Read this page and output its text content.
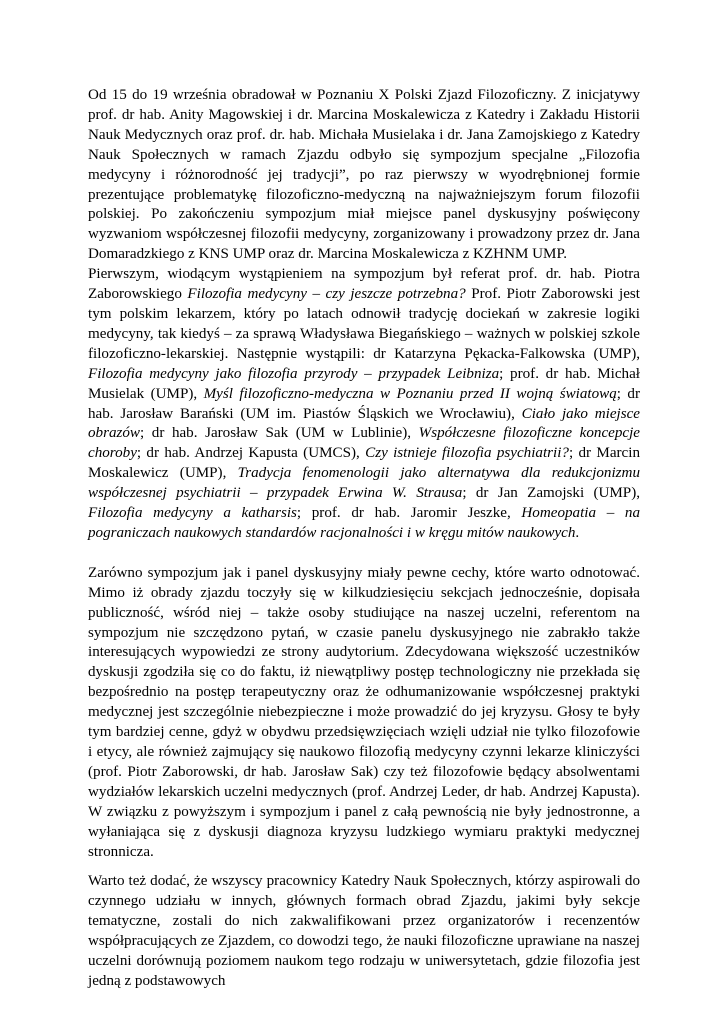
Od 15 do 19 września obradował w Poznaniu X Polski Zjazd Filozoficzny. Z inicjatywy prof. dr hab. Anity Magowskiej i dr. Marcina Moskalewicza z Katedry i Zakładu Historii Nauk Medycznych oraz prof. dr. hab. Michała Musielaka i dr. Jana Zamojskiego z Katedry Nauk Społecznych w ramach Zjazdu odbyło się sympozjum specjalne „Filozofia medycyny i różnorodność jej tradycji”, po raz pierwszy w wyodrębnionej formie prezentujące problematykę filozoficzno-medyczną na najważniejszym forum filozofii polskiej. Po zakończeniu sympozjum miał miejsce panel dyskusyjny poświęcony wyzwaniom współczesnej filozofii medycyny, zorganizowany i prowadzony przez dr. Jana Domaradzkiego z KNS UMP oraz dr. Marcina Moskalewicza z KZHNM UMP.

Pierwszym, wiodącym wystąpieniem na sympozjum był referat prof. dr. hab. Piotra Zaborowskiego Filozofia medycyny – czy jeszcze potrzebna? Prof. Piotr Zaborowski jest tym polskim lekarzem, który po latach odnowił tradycję dociekań w zakresie logiki medycyny, tak kiedyś – za sprawą Władysława Biegańskiego – ważnych w polskiej szkole filozoficzno-lekarskiej. Następnie wystąpili: dr Katarzyna Pękacka-Falkowska (UMP), Filozofia medycyny jako filozofia przyrody – przypadek Leibniza; prof. dr hab. Michał Musielak (UMP), Myśl filozoficzno-medyczna w Poznaniu przed II wojną światową; dr hab. Jarosław Barański (UM im. Piastów Śląskich we Wrocławiu), Ciało jako miejsce obrazów; dr hab. Jarosław Sak (UM w Lublinie), Współczesne filozoficzne koncepcje choroby; dr hab. Andrzej Kapusta (UMCS), Czy istnieje filozofia psychiatrii?; dr Marcin Moskalewicz (UMP), Tradycja fenomenologii jako alternatywa dla redukcjonizmu współczesnej psychiatrii – przypadek Erwina W. Strausa; dr Jan Zamojski (UMP), Filozofia medycyny a katharsis; prof. dr hab. Jaromir Jeszke, Homeopatia – na pograniczach naukowych standardów racjonalności i w kręgu mitów naukowych.

Zarówno sympozjum jak i panel dyskusyjny miały pewne cechy, które warto odnotować. Mimo iż obrady zjazdu toczyły się w kilkudziesięciu sekcjach jednocześnie, dopisała publiczność, wśród niej – także osoby studiujące na naszej uczelni, referentom na sympozjum nie szczędzono pytań, w czasie panelu dyskusyjnego nie zabrakło także interesujących wypowiedzi ze strony audytorium. Zdecydowana większość uczestników dyskusji zgodziła się co do faktu, iż niewątpliwy postęp technologiczny nie przekłada się bezpośrednio na postęp terapeutyczny oraz że odhumanizowanie współczesnej praktyki medycznej jest szczególnie niebezpieczne i może prowadzić do jej kryzysu. Głosy te były tym bardziej cenne, gdyż w obydwu przedsięwzięciach wzięli udział nie tylko filozofowie i etycy, ale również zajmujący się naukowo filozofią medycyny czynni lekarze kliniczyści (prof. Piotr Zaborowski, dr hab. Jarosław Sak) czy też filozofowie będący absolwentami wydziałów lekarskich uczelni medycznych (prof. Andrzej Leder, dr hab. Andrzej Kapusta). W związku z powyższym i sympozjum i panel z całą pewnością nie były jednostronne, a wyłaniająca się z dyskusji diagnoza kryzysu ludzkiego wymiaru praktyki medycznej stronnicza.

Warto też dodać, że wszyscy pracownicy Katedry Nauk Społecznych, którzy aspirowali do czynnego udziału w innych, głównych formach obrad Zjazdu, jakimi były sekcje tematyczne, zostali do nich zakwalifikowani przez organizatorów i recenzentów współpracujących ze Zjazdem, co dowodzi tego, że nauki filozoficzne uprawiane na naszej uczelni dorównują poziomem naukom tego rodzaju w uniwersytetach, gdzie filozofia jest jedną z podstawowych
